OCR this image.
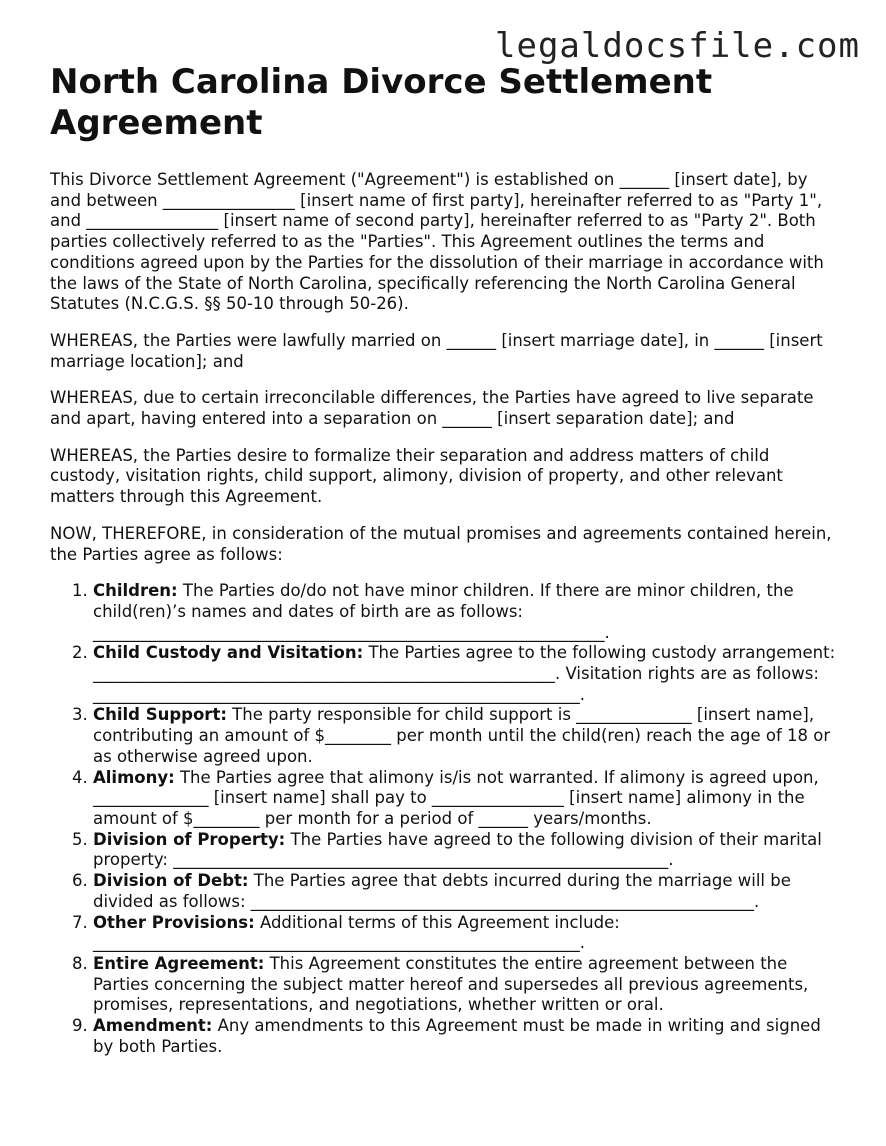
legaldocsfile.com
North Carolina Divorce Settlement Agreement

This Divorce Settlement Agreement ("Agreement") is established on ______ [insert date], by and between ________________ [insert name of first party], hereinafter referred to as "Party 1", and ________________ [insert name of second party], hereinafter referred to as "Party 2". Both parties collectively referred to as the "Parties". This Agreement outlines the terms and conditions agreed upon by the Parties for the dissolution of their marriage in accordance with the laws of the State of North Carolina, specifically referencing the North Carolina General Statutes (N.C.G.S. §§ 50-10 through 50-26).

WHEREAS, the Parties were lawfully married on ______ [insert marriage date], in ______ [insert marriage location]; and

WHEREAS, due to certain irreconcilable differences, the Parties have agreed to live separate and apart, having entered into a separation on ______ [insert separation date]; and

WHEREAS, the Parties desire to formalize their separation and address matters of child custody, visitation rights, child support, alimony, division of property, and other relevant matters through this Agreement.

NOW, THEREFORE, in consideration of the mutual promises and agreements contained herein, the Parties agree as follows:

1. Children: The Parties do/do not have minor children. If there are minor children, the child(ren)’s names and dates of birth are as follows: ______________________________________________________________.
2. Child Custody and Visitation: The Parties agree to the following custody arrangement: ________________________________________________________. Visitation rights are as follows: ___________________________________________________________.
3. Child Support: The party responsible for child support is ______________ [insert name], contributing an amount of $________ per month until the child(ren) reach the age of 18 or as otherwise agreed upon.
4. Alimony: The Parties agree that alimony is/is not warranted. If alimony is agreed upon, ______________ [insert name] shall pay to ________________ [insert name] alimony in the amount of $________ per month for a period of ______ years/months.
5. Division of Property: The Parties have agreed to the following division of their marital property: ____________________________________________________________.
6. Division of Debt: The Parties agree that debts incurred during the marriage will be divided as follows: _____________________________________________________________.
7. Other Provisions: Additional terms of this Agreement include: ___________________________________________________________.
8. Entire Agreement: This Agreement constitutes the entire agreement between the Parties concerning the subject matter hereof and supersedes all previous agreements, promises, representations, and negotiations, whether written or oral.
9. Amendment: Any amendments to this Agreement must be made in writing and signed by both Parties.
